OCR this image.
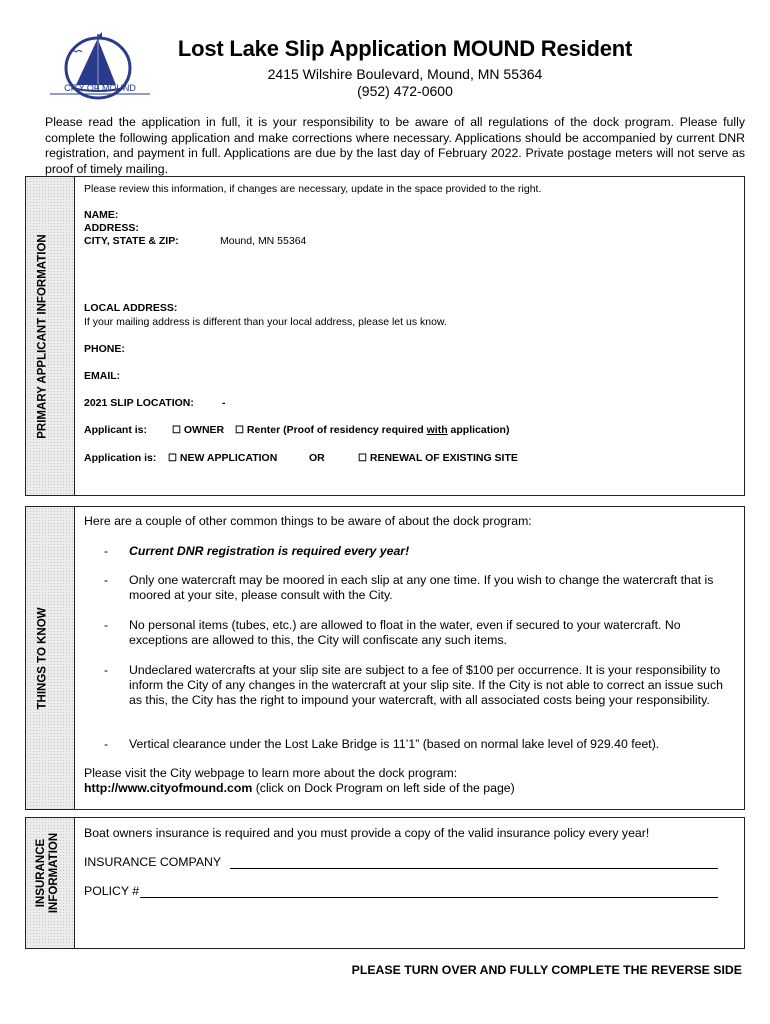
CITY OF MOUND
Lost Lake Slip Application MOUND Resident
2415 Wilshire Boulevard, Mound, MN 55364
(952) 472-0600
Please read the application in full, it is your responsibility to be aware of all regulations of the dock program. Please fully complete the following application and make corrections where necessary. Applications should be accompanied by current DNR registration, and payment in full. Applications are due by the last day of February 2022. Private postage meters will not serve as proof of timely mailing.
PRIMARY APPLICANT INFORMATION
Please review this information, if changes are necessary, update in the space provided to the right.
NAME:
ADDRESS:
CITY, STATE & ZIP:	Mound, MN 55364
LOCAL ADDRESS:
If your mailing address is different than your local address, please let us know.
PHONE:
EMAIL:
2021 SLIP LOCATION:	-
Applicant is: ☐ OWNER ☐ Renter (Proof of residency required with application)
Application is: ☐ NEW APPLICATION	OR	☐ RENEWAL OF EXISTING SITE
THINGS TO KNOW
Here are a couple of other common things to be aware of about the dock program:
- Current DNR registration is required every year!
- Only one watercraft may be moored in each slip at any one time. If you wish to change the watercraft that is moored at your site, please consult with the City.
- No personal items (tubes, etc.) are allowed to float in the water, even if secured to your watercraft. No exceptions are allowed to this, the City will confiscate any such items.
- Undeclared watercrafts at your slip site are subject to a fee of $100 per occurrence. It is your responsibility to inform the City of any changes in the watercraft at your slip site. If the City is not able to correct an issue such as this, the City has the right to impound your watercraft, with all associated costs being your responsibility.
- Vertical clearance under the Lost Lake Bridge is 11’1” (based on normal lake level of 929.40 feet).
Please visit the City webpage to learn more about the dock program:
http://www.cityofmound.com (click on Dock Program on left side of the page)
INSURANCE INFORMATION Boat owners insurance is required and you must provide a copy of the valid insurance policy every year!
INSURANCE COMPANY
POLICY #
PLEASE TURN OVER AND FULLY COMPLETE THE REVERSE SIDE
